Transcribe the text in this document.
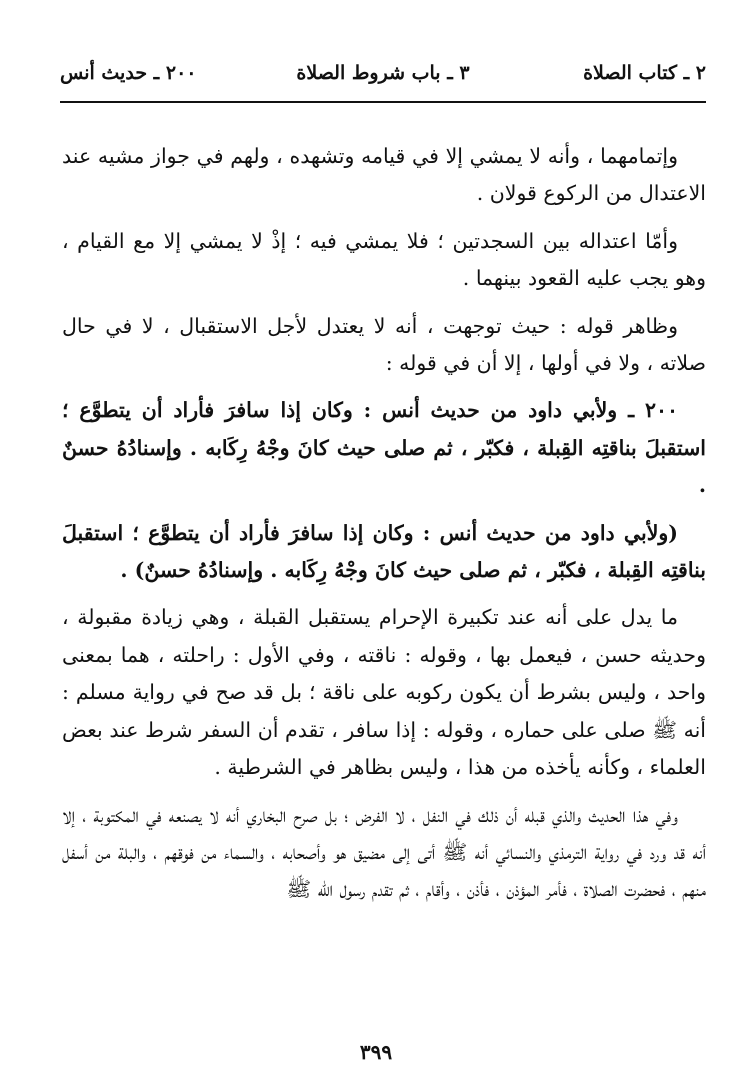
٢ ـ كتاب الصلاة
٣ ـ باب شروط الصلاة
٢٠٠ ـ حديث أنس

وإتمامهما ، وأنه لا يمشي إلا في قيامه وتشهده ، ولهم في جواز مشيه عند الاعتدال من الركوع قولان .

وأمّا اعتداله بين السجدتين ؛ فلا يمشي فيه ؛ إذْ لا يمشي إلا مع القيام ، وهو يجب عليه القعود بينهما .

وظاهر قوله : حيث توجهت ، أنه لا يعتدل لأجل الاستقبال ، لا في حال صلاته ، ولا في أولها ، إلا أن في قوله :

٢٠٠ ـ ولأبي داود من حديث أنس : وكان إذا سافرَ فأراد أن يتطوَّع ؛ استقبلَ بناقتِه القِبلة ، فكبّر ، ثم صلى حيث كانَ وجْهُ رِكَابه . وإسنادُهُ حسنٌ .

(ولأبي داود من حديث أنس : وكان إذا سافرَ فأراد أن يتطوَّع ؛ استقبلَ بناقتِه القِبلة ، فكبّر ، ثم صلى حيث كانَ وجْهُ رِكَابه . وإسنادُهُ حسنٌ) .

ما يدل على أنه عند تكبيرة الإحرام يستقبل القبلة ، وهي زيادة مقبولة ، وحديثه حسن ، فيعمل بها ، وقوله : ناقته ، وفي الأول : راحلته ، هما بمعنى واحد ، وليس بشرط أن يكون ركوبه على ناقة ؛ بل قد صح في رواية مسلم : أنه ﷺ صلى على حماره ، وقوله : إذا سافر ، تقدم أن السفر شرط عند بعض العلماء ، وكأنه يأخذه من هذا ، وليس بظاهر في الشرطية .

وفي هذا الحديث والذي قبله أن ذلك في النفل ، لا الفرض ؛ بل صرح البخاري أنه لا يصنعه في المكتوبة ، إلا أنه قد ورد في رواية الترمذي والنسائي أنه ﷺ أتى إلى مضيق هو وأصحابه ، والسماء من فوقهم ، والبلة من أسفل منهم ، فحضرت الصلاة ، فأمر المؤذن ، فأذن ، وأقام ، ثم تقدم رسول الله ﷺ

٣٩٩
